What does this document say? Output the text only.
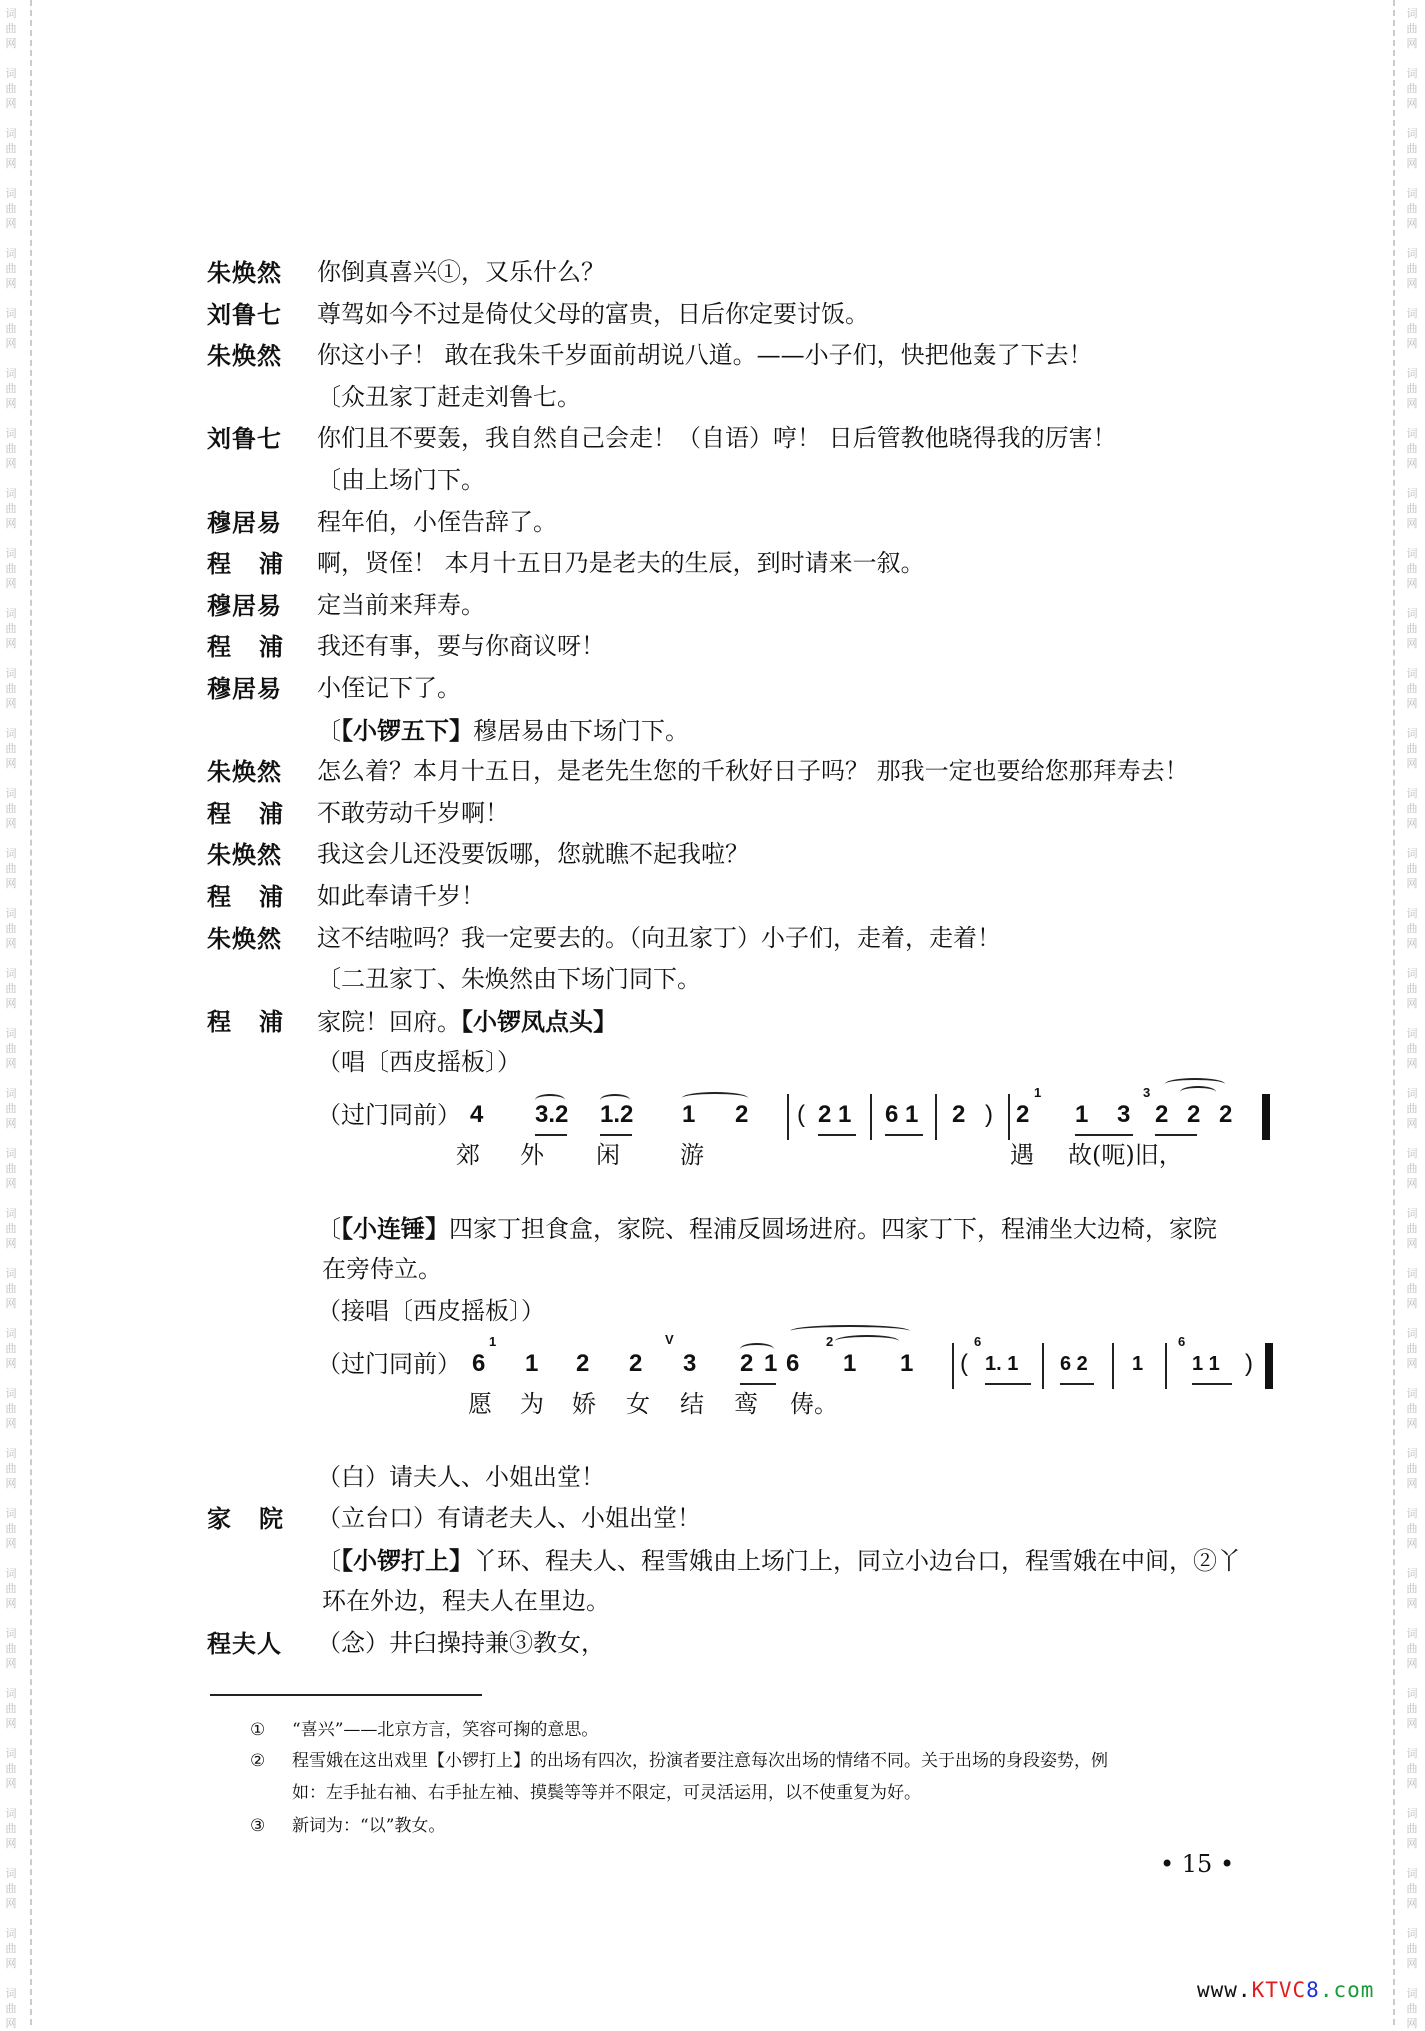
词
曲
网
词
曲
网
词
曲
网
词
曲
网
词
曲
网
词
曲
网
词
曲
网
词
曲
网
词
曲
网
词
曲
网
词
曲
网
词
曲
网
词
曲
网
词
曲
网
词
曲
网
词
曲
网
词
曲
网
词
曲
网
词
曲
网
词
曲
网
词
曲
网
词
曲
网
词
曲
网
词
曲
网
词
曲
网
词
曲
网
词
曲
网
词
曲
网
词
曲
网
词
曲
网
词
曲
网
词
曲
网
词
曲
网
词
曲
网
词
曲
网
词
曲
网
词
曲
网
词
曲
网
词
曲
网
词
曲
网
词
曲
网
词
曲
网
词
曲
网
词
曲
网
词
曲
网
词
曲
网
词
曲
网
词
曲
网
词
曲
网
词
曲
网
词
曲
网
词
曲
网
词
曲
网
词
曲
网
词
曲
网
词
曲
网
词
曲
网
词
曲
网
词
曲
网
词
曲
网
词
曲
网
词
曲
网
词
曲
网
词
曲
网
词
曲
网
词
曲
网
词
曲
网
词
曲
网
朱焕然 你倒真喜兴①，又乐什么？
刘鲁七 尊驾如今不过是倚仗父母的富贵，日后你定要讨饭。
朱焕然 你这小子！ 敢在我朱千岁面前胡说八道。——小子们，快把他轰了下去！
〔众丑家丁赶走刘鲁七。
刘鲁七 你们且不要轰，我自然自己会走！（自语）哼！ 日后管教他晓得我的厉害！
〔由上场门下。
穆居易 程年伯，小侄告辞了。
程浦 啊，贤侄！ 本月十五日乃是老夫的生辰，到时请来一叙。
穆居易 定当前来拜寿。
程浦 我还有事，要与你商议呀！
穆居易 小侄记下了。
〔【小锣五下】穆居易由下场门下。
朱焕然 怎么着？本月十五日，是老先生您的千秋好日子吗？ 那我一定也要给您那拜寿去！
程浦 不敢劳动千岁啊！
朱焕然 我这会儿还没要饭哪，您就瞧不起我啦？
程浦 如此奉请千岁！
朱焕然 这不结啦吗？我一定要去的。（向丑家丁）小子们，走着，走着！
〔二丑家丁、朱焕然由下场门同下。
程浦 家院！回府。【小锣凤点头】
（唱〔西皮摇板〕）
（过门同前） 4 3.2 1.2 1 2 ( 2 1 6 1 2 ) 2
1
1 3
3
2 2 2
郊 外 闲	游	遇 故(呃)旧，
〔【小连锤】四家丁担食盒，家院、程浦反圆场进府。四家丁下，程浦坐大边椅，家院
在旁侍立。
（接唱〔西皮摇板〕）
（过门同前） 6
1
1 2 2
V
3 2 1 6
2
1 1 (
6
1. 1 6 2 1
6
1 1 )
愿 为 娇 女 结 鸾 俦。
（白）请夫人、小姐出堂！
家院 （立台口）有请老夫人、小姐出堂！
〔【小锣打上】丫环、程夫人、程雪娥由上场门上，同立小边台口，程雪娥在中间，②丫
环在外边，程夫人在里边。
程夫人 （念）井臼操持兼③教女，
① “喜兴”——北京方言，笑容可掬的意思。
② 程雪娥在这出戏里【小锣打上】的出场有四次，扮演者要注意每次出场的情绪不同。关于出场的身段姿势，例
如：左手扯右袖、右手扯左袖、摸鬓等等并不限定，可灵活运用，以不使重复为好。
③ 新词为：“以”教女。
• 15 •
www.KTVC8.com
